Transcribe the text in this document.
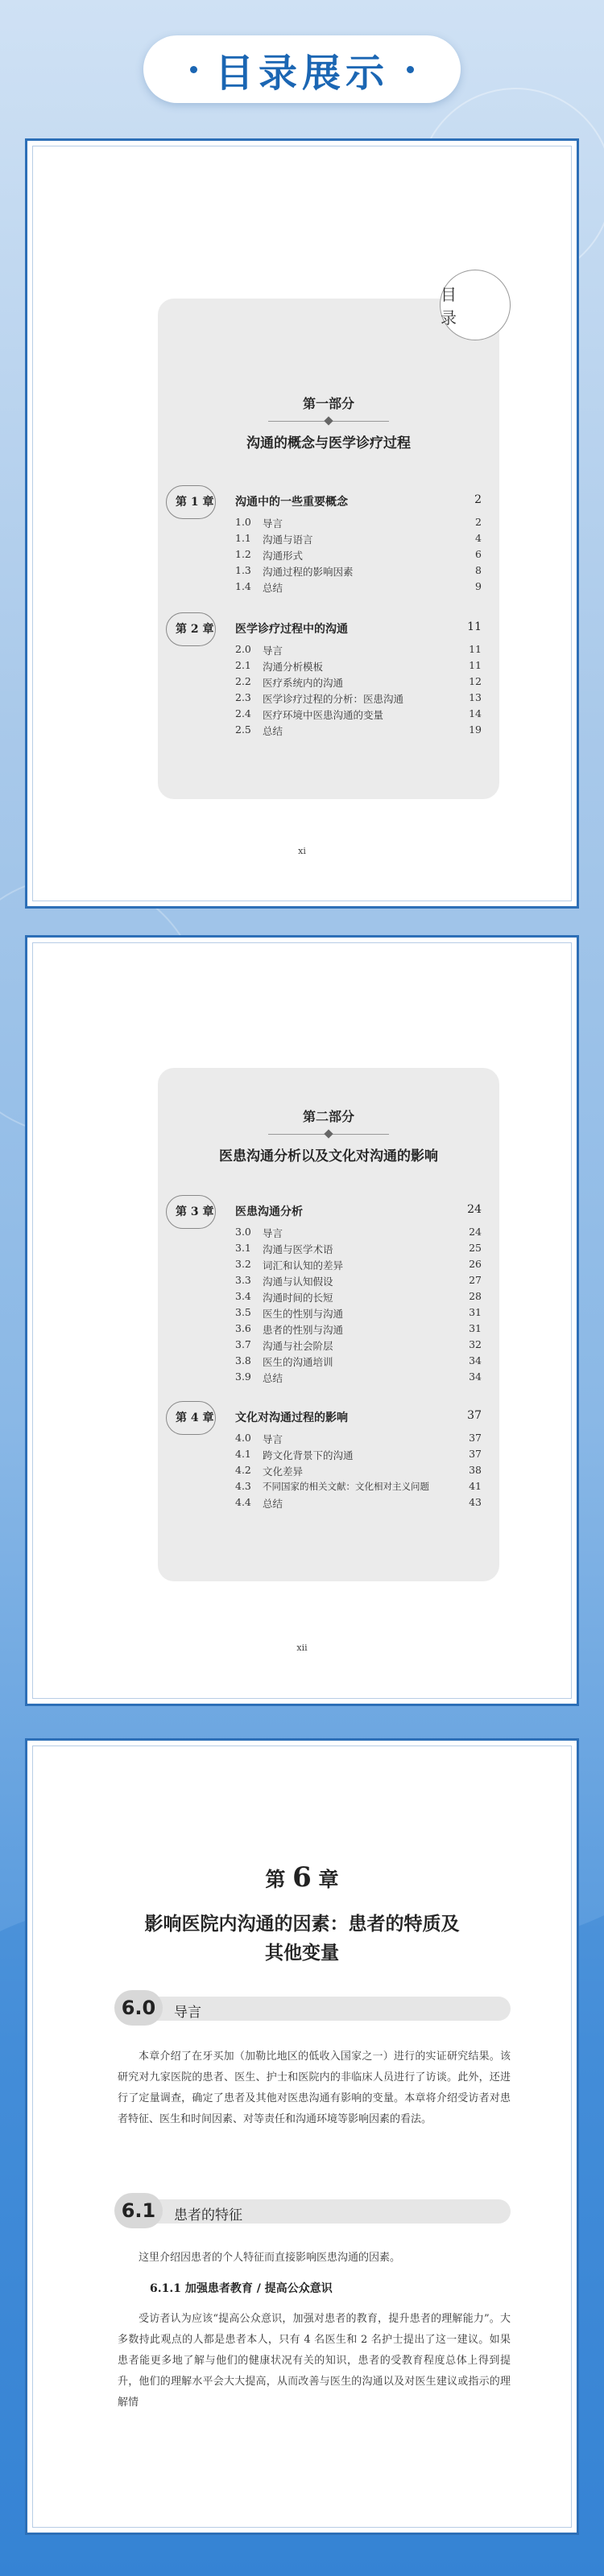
目录展示
目 录
第一部分
沟通的概念与医学诊疗过程
第 1 章 沟通中的一些重要概念	2
1.0 导言	2
1.1 沟通与语言	4
1.2 沟通形式	6
1.3 沟通过程的影响因素	8
1.4 总结	9
第 2 章 医学诊疗过程中的沟通	11
2.0 导言	11
2.1 沟通分析模板	11
2.2 医疗系统内的沟通	12
2.3 医学诊疗过程的分析：医患沟通	13
2.4 医疗环境中医患沟通的变量	14
2.5 总结	19
xi
第二部分
医患沟通分析以及文化对沟通的影响
第 3 章 医患沟通分析	24
3.0 导言	24
3.1 沟通与医学术语	25
3.2 词汇和认知的差异	26
3.3 沟通与认知假设	27
3.4 沟通时间的长短	28
3.5 医生的性别与沟通	31
3.6 患者的性别与沟通	31
3.7 沟通与社会阶层	32
3.8 医生的沟通培训	34
3.9 总结	34
第 4 章 文化对沟通过程的影响	37
4.0 导言	37
4.1 跨文化背景下的沟通	37
4.2 文化差异	38
4.3 不同国家的相关文献：文化相对主义问题	41
4.4 总结	43
xii
第 6 章
影响医院内沟通的因素：患者的特质及
其他变量
6.0	导言
本章介绍了在牙买加（加勒比地区的低收入国家之一）进行的实证研究结果。该研究对九家医院的患者、医生、护士和医院内的非临床人员进行了访谈。此外，还进行了定量调查，确定了患者及其他对医患沟通有影响的变量。本章将介绍受访者对患者特征、医生和时间因素、对等责任和沟通环境等影响因素的看法。
6.1	患者的特征
这里介绍因患者的个人特征而直接影响医患沟通的因素。
6.1.1 加强患者教育 / 提高公众意识
受访者认为应该“提高公众意识，加强对患者的教育，提升患者的理解能力”。大多数持此观点的人都是患者本人，只有 4 名医生和 2 名护士提出了这一建议。如果患者能更多地了解与他们的健康状况有关的知识，患者的受教育程度总体上得到提升，他们的理解水平会大大提高，从而改善与医生的沟通以及对医生建议或指示的理解情
